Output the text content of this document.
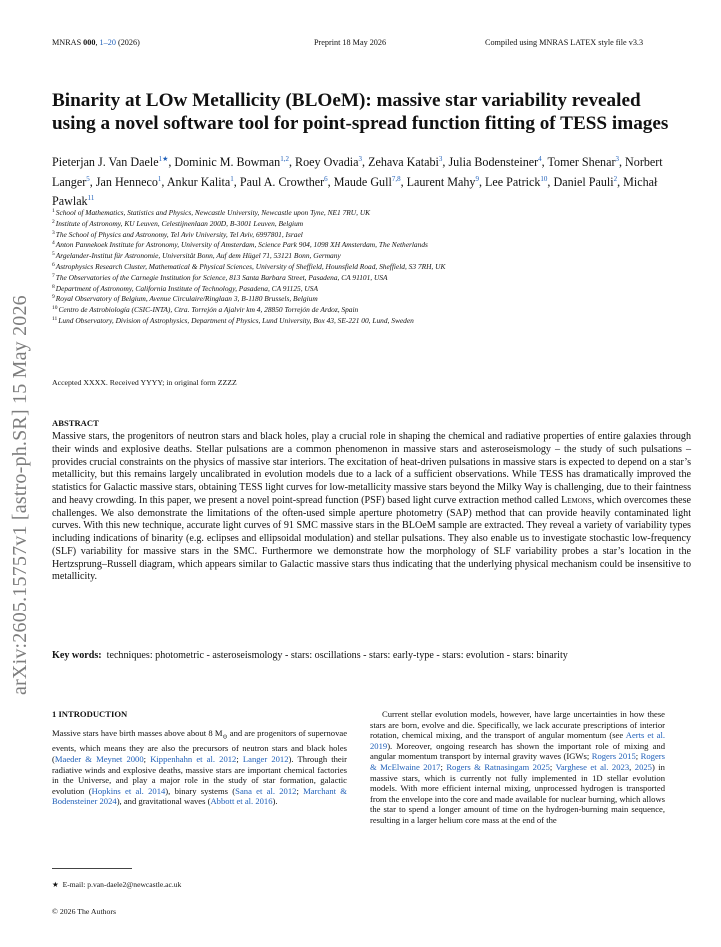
MNRAS 000, 1–20 (2026)	Preprint 18 May 2026	Compiled using MNRAS LATEX style file v3.3
arXiv:2605.15757v1 [astro-ph.SR] 15 May 2026
Binarity at LOw Metallicity (BLOeM): massive star variability revealed using a novel software tool for point-spread function fitting of TESS images
Pieterjan J. Van Daele$^{1★}$, Dominic M. Bowman$^{1,2}$, Roey Ovadia$^3$, Zehava Katabi$^3$, Julia Bodensteiner$^4$, Tomer Shenar$^3$, Norbert Langer$^5$, Jan Henneco$^1$, Ankur Kalita$^1$, Paul A. Crowther$^6$, Maude Gull$^{7,8}$, Laurent Mahy$^9$, Lee Patrick$^{10}$, Daniel Pauli$^2$, Michał Pawlak$^{11}$
$^1$School of Mathematics, Statistics and Physics, Newcastle University, Newcastle upon Tyne, NE1 7RU, UK
$^2$Institute of Astronomy, KU Leuven, Celestijnenlaan 200D, B-3001 Leuven, Belgium
$^3$The School of Physics and Astronomy, Tel Aviv University, Tel Aviv, 6997801, Israel
$^4$Anton Pannekoek Institute for Astronomy, University of Amsterdam, Science Park 904, 1098 XH Amsterdam, The Netherlands
$^5$Argelander-Institut für Astronomie, Universität Bonn, Auf dem Hügel 71, 53121 Bonn, Germany
$^6$Astrophysics Research Cluster, Mathematical & Physical Sciences, University of Sheffield, Hounsfield Road, Sheffield, S3 7RH, UK
$^7$The Observatories of the Carnegie Institution for Science, 813 Santa Barbara Street, Pasadena, CA 91101, USA
$^8$Department of Astronomy, California Institute of Technology, Pasadena, CA 91125, USA
$^9$Royal Observatory of Belgium, Avenue Circulaire/Ringlaan 3, B-1180 Brussels, Belgium
$^{10}$Centro de Astrobiología (CSIC-INTA), Ctra. Torrejón a Ajalvir km 4, 28850 Torrejón de Ardoz, Spain
$^{11}$Lund Observatory, Division of Astrophysics, Department of Physics, Lund University, Box 43, SE-221 00, Lund, Sweden
Accepted XXXX. Received YYYY; in original form ZZZZ
ABSTRACT
Massive stars, the progenitors of neutron stars and black holes, play a crucial role in shaping the chemical and radiative properties of entire galaxies through their winds and explosive deaths. Stellar pulsations are a common phenomenon in massive stars and asteroseismology – the study of such pulsations – provides crucial constraints on the physics of massive star interiors. The excitation of heat-driven pulsations in massive stars is expected to depend on a star’s metallicity, but this remains largely uncalibrated in evolution models due to a lack of a sufficient observations. While TESS has dramatically improved the statistics for Galactic massive stars, obtaining TESS light curves for low-metallicity massive stars beyond the Milky Way is challenging, due to their faintness and heavy crowding. In this paper, we present a novel point-spread function (PSF) based light curve extraction method called Lemons, which overcomes these challenges. We also demonstrate the limitations of the often-used simple aperture photometry (SAP) method that can provide heavily contaminated light curves. With this new technique, accurate light curves of 91 SMC massive stars in the BLOeM sample are extracted. They reveal a variety of variability types including indications of binarity (e.g. eclipses and ellipsoidal modulation) and stellar pulsations. They also enable us to investigate stochastic low-frequency (SLF) variability for massive stars in the SMC. Furthermore we demonstrate how the morphology of SLF variability probes a star’s location in the Hertzsprung–Russell diagram, which appears similar to Galactic massive stars thus indicating that the underlying physical mechanism could be insensitive to metallicity.
Key words: techniques: photometric - asteroseismology - stars: oscillations - stars: early-type - stars: evolution - stars: binarity
1 INTRODUCTION
Massive stars have birth masses above about 8 $M_⊙$ and are progenitors of supernovae events, which means they are also the precursors of neutron stars and black holes (Maeder & Meynet 2000; Kippenhahn et al. 2012; Langer 2012). Through their radiative winds and explosive deaths, massive stars are important chemical factories in the Universe, and play a major role in the study of star formation, galactic evolution (Hopkins et al. 2014), binary systems (Sana et al. 2012; Marchant & Bodensteiner 2024), and gravitational waves (Abbott et al. 2016).
Current stellar evolution models, however, have large uncertainties in how these stars are born, evolve and die. Specifically, we lack accurate prescriptions of interior rotation, chemical mixing, and the transport of angular momentum (see Aerts et al. 2019). Moreover, ongoing research has shown the important role of mixing and angular momentum transport by internal gravity waves (IGWs; Rogers 2015; Rogers & McElwaine 2017; Rogers & Ratnasingam 2025; Varghese et al. 2023, 2025) in massive stars, which is currently not fully implemented in 1D stellar evolution models. With more efficient internal mixing, unprocessed hydrogen is transported from the envelope into the core and made available for nuclear burning, which allows the star to spend a longer amount of time on the hydrogen-burning main sequence, resulting in a larger helium core mass at the end of the
★ E-mail: p.van-daele2@newcastle.ac.uk
© 2026 The Authors
